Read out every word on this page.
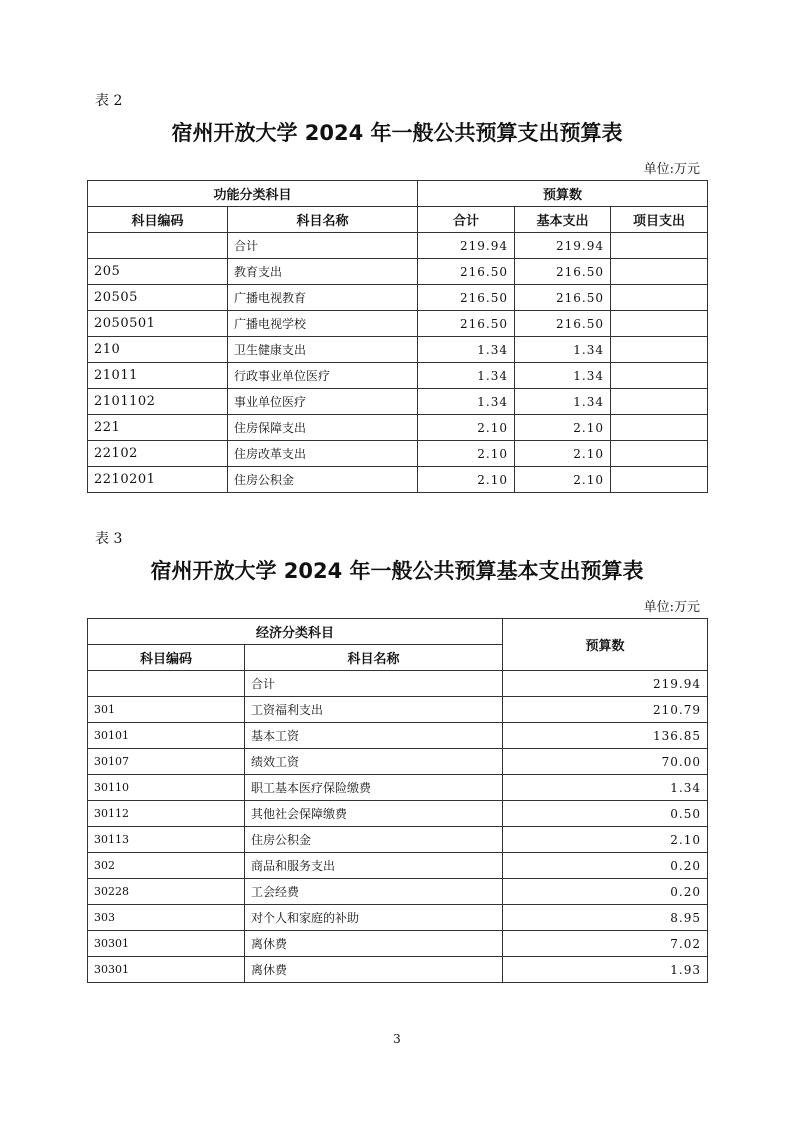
表 2
宿州开放大学 2024 年一般公共预算支出预算表
单位:万元
功能分类科目		预算数		
科目编码	科目名称	合计	基本支出	项目支出
	合计	219.94	219.94	
205	教育支出	216.50	216.50	
20505	广播电视教育	216.50	216.50	
2050501	广播电视学校	216.50	216.50	
210	卫生健康支出	1.34	1.34	
21011	行政事业单位医疗	1.34	1.34	
2101102	事业单位医疗	1.34	1.34	
221	住房保障支出	2.10	2.10	
22102	住房改革支出	2.10	2.10	
2210201	住房公积金	2.10	2.10	
表 3
宿州开放大学 2024 年一般公共预算基本支出预算表
单位:万元
经济分类科目		预算数
科目编码	科目名称	
	合计	219.94
301	工资福利支出	210.79
30101	基本工资	136.85
30107	绩效工资	70.00
30110	职工基本医疗保险缴费	1.34
30112	其他社会保障缴费	0.50
30113	住房公积金	2.10
302	商品和服务支出	0.20
30228	工会经费	0.20
303	对个人和家庭的补助	8.95
30301	离休费	7.02
30301	离休费	1.93
3
